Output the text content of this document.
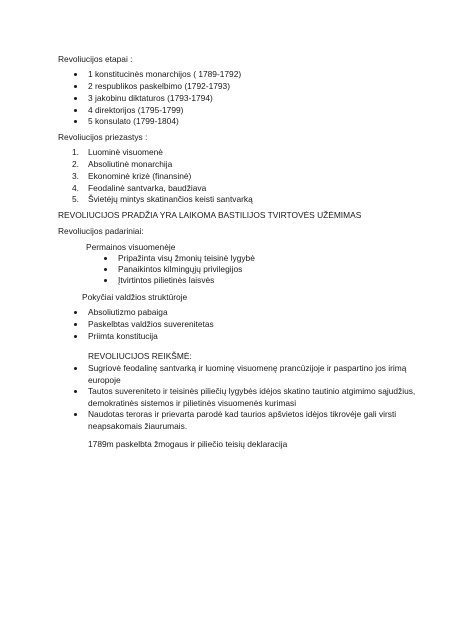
Revoliucijos etapai :

1 konstitucinės monarchijos ( 1789-1792)
2 respublikos paskelbimo (1792-1793)
3 jakobinu diktaturos (1793-1794)
4 direktorijos (1795-1799)
5 konsulato (1799-1804)

Revoliucijos priezastys :

1. Luominė visuomenė
2. Absoliutinė monarchija
3. Ekonominė krizė (finansinė)
4. Feodalinė santvarka, baudžiava
5. Švietėjų mintys skatinančios keisti santvarką

REVOLIUCIJOS PRADŽIA YRA LAIKOMA BASTILIJOS TVIRTOVĖS UŽĖMIMAS

Revoliucijos padariniai:

Permainos visuomenėje

Pripažinta visų žmonių teisinė lygybė
Panaikintos kilmingųjų privilegijos
Įtvirtintos pilietinės laisvės

Pokyčiai valdžios struktūroje

Absoliutizmo pabaiga
Paskelbtas valdžios suverenitetas
Priimta konstitucija

REVOLIUCIJOS REIKŠMĖ:

Sugriovė feodalinę santvarką ir luominę visuomenę prancūzijoje ir paspartino jos irimą
europoje
Tautos suvereniteto ir teisinės piliečių lygybės idėjos skatino tautinio atgimimo sąjudžius,
demokratinės sistemos ir pilietinės visuomenės kurimasi
Naudotas teroras ir prievarta parodė kad taurios apšvietos idėjos tikrovėje gali virsti
neapsakomais žiaurumais.

1789m paskelbta žmogaus ir piliečio teisių deklaracija
